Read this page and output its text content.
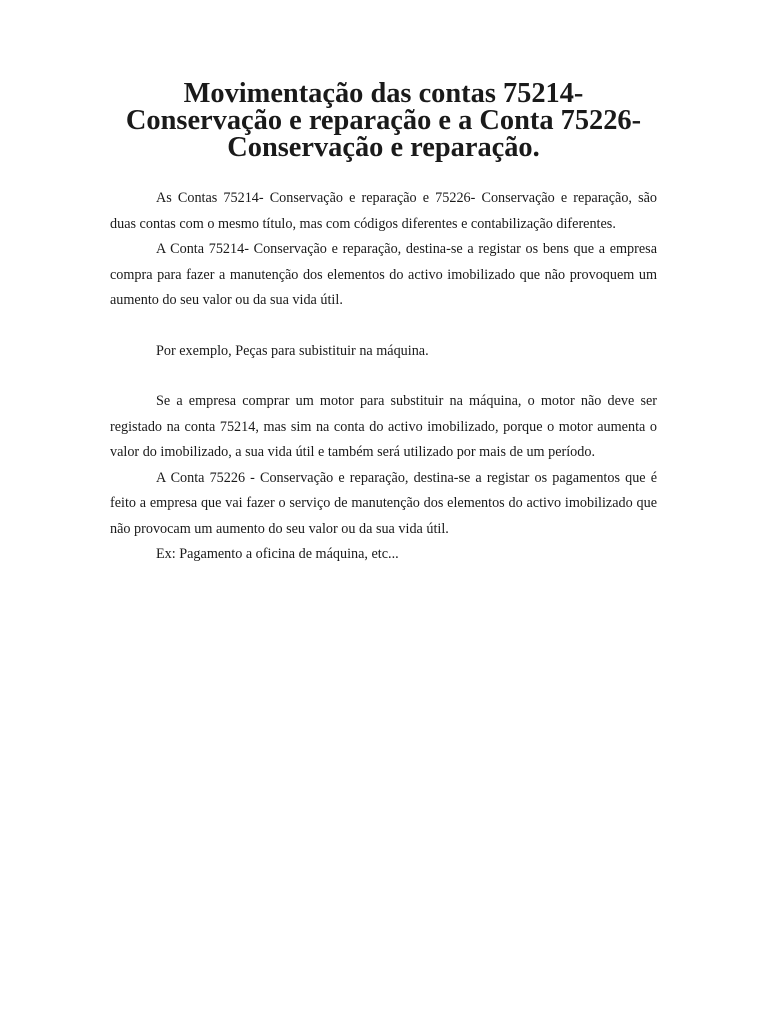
Movimentação das contas 75214- Conservação e reparação e a Conta 75226-
Conservação e reparação.

As Contas 75214- Conservação e reparação e 75226- Conservação e reparação, são duas contas com o mesmo título, mas com códigos diferentes e contabilização diferentes.

A Conta 75214- Conservação e reparação, destina-se a registar os bens que a empresa compra para fazer a manutenção dos elementos do activo imobilizado que não provoquem um aumento do seu valor ou da sua vida útil.

Por exemplo, Peças para subistituir na máquina.

Se a empresa comprar um motor para substituir na máquina, o motor não deve ser registado na conta 75214, mas sim na conta do activo imobilizado, porque o motor aumenta o valor do imobilizado, a sua vida útil e também será utilizado por mais de um período.

A Conta 75226 - Conservação e reparação, destina-se a registar os pagamentos que é feito a empresa que vai fazer o serviço de manutenção dos elementos do activo imobilizado que não provocam um aumento do seu valor ou da sua vida útil.

Ex: Pagamento a oficina de máquina, etc...
